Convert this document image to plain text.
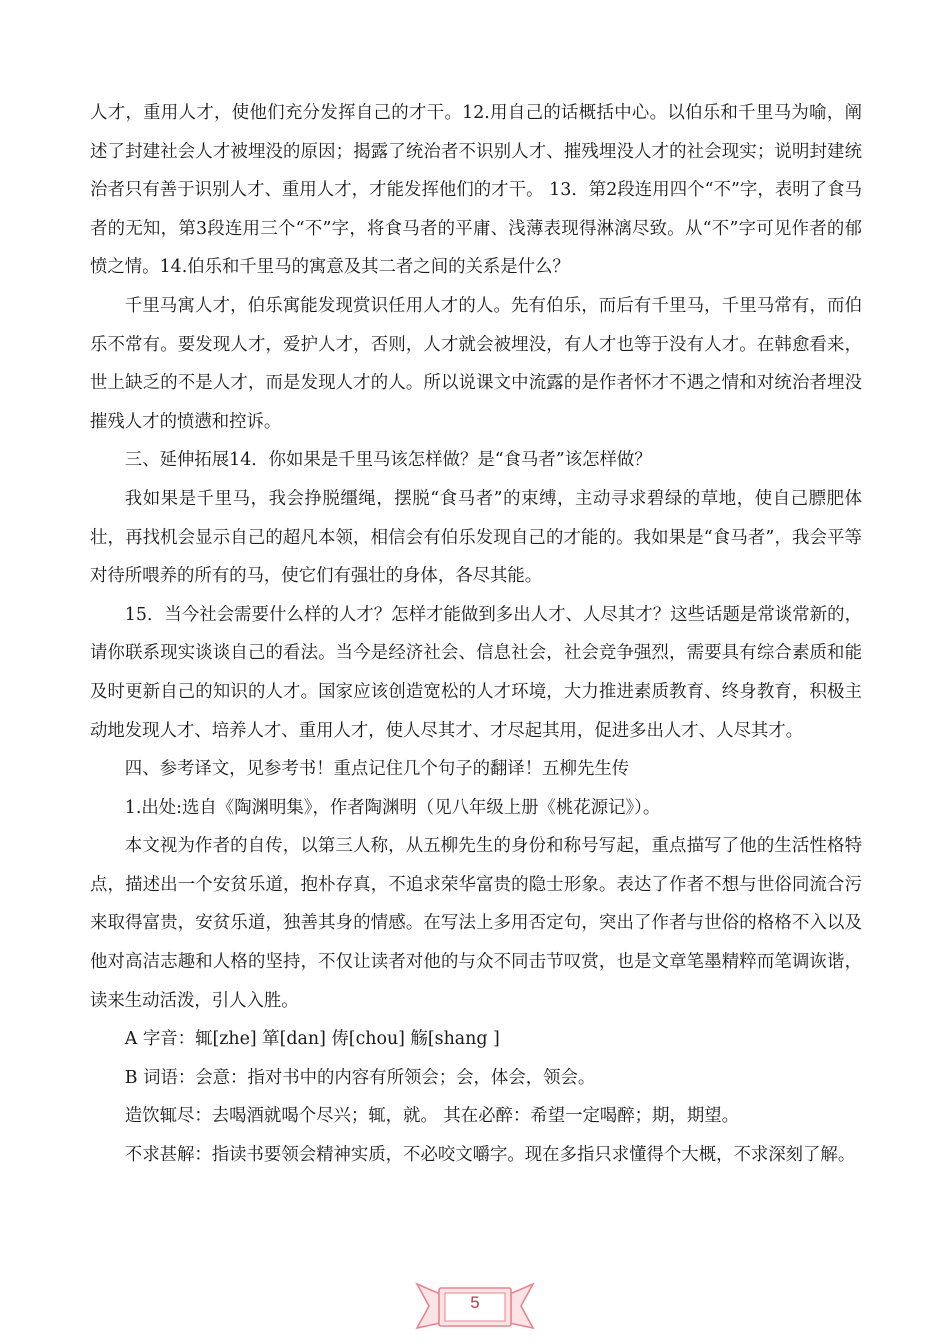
人才，重用人才，使他们充分发挥自己的才干。12.用自己的话概括中心。以伯乐和千里马为喻，阐述了封建社会人才被埋没的原因；揭露了统治者不识别人才、摧残埋没人才的社会现实；说明封建统治者只有善于识别人才、重用人才，才能发挥他们的才干。 13．第2段连用四个“不”字，表明了食马者的无知，第3段连用三个“不”字，将食马者的平庸、浅薄表现得淋漓尽致。从“不”字可见作者的郁愤之情。14.伯乐和千里马的寓意及其二者之间的关系是什么？

千里马寓人才，伯乐寓能发现赏识任用人才的人。先有伯乐，而后有千里马，千里马常有，而伯乐不常有。要发现人才，爱护人才，否则，人才就会被埋没，有人才也等于没有人才。在韩愈看来，世上缺乏的不是人才，而是发现人才的人。所以说课文中流露的是作者怀才不遇之情和对统治者埋没摧残人才的愤懑和控诉。

三、延伸拓展14．你如果是千里马该怎样做？是“食马者”该怎样做？

我如果是千里马，我会挣脱缰绳，摆脱“食马者”的束缚，主动寻求碧绿的草地，使自己膘肥体壮，再找机会显示自己的超凡本领，相信会有伯乐发现自己的才能的。我如果是“食马者”，我会平等对待所喂养的所有的马，使它们有强壮的身体，各尽其能。

15．当今社会需要什么样的人才？怎样才能做到多出人才、人尽其才？这些话题是常谈常新的，请你联系现实谈谈自己的看法。当今是经济社会、信息社会，社会竞争强烈，需要具有综合素质和能及时更新自己的知识的人才。国家应该创造宽松的人才环境，大力推进素质教育、终身教育，积极主动地发现人才、培养人才、重用人才，使人尽其才、才尽起其用，促进多出人才、人尽其才。

四、参考译文，见参考书！重点记住几个句子的翻译！五柳先生传

1.出处:选自《陶渊明集》，作者陶渊明（见八年级上册《桃花源记》）。

本文视为作者的自传，以第三人称，从五柳先生的身份和称号写起，重点描写了他的生活性格特点，描述出一个安贫乐道，抱朴存真，不追求荣华富贵的隐士形象。表达了作者不想与世俗同流合污来取得富贵，安贫乐道，独善其身的情感。在写法上多用否定句，突出了作者与世俗的格格不入以及他对高洁志趣和人格的坚持，不仅让读者对他的与众不同击节叹赏，也是文章笔墨精粹而笔调诙谐，读来生动活泼，引人入胜。

A 字音：辄[zhe] 箪[dan] 俦[chou] 觞[shang ]

B 词语：会意：指对书中的内容有所领会；会，体会，领会。

造饮辄尽：去喝酒就喝个尽兴；辄，就。 其在必醉：希望一定喝醉；期，期望。

不求甚解：指读书要领会精神实质，不必咬文嚼字。现在多指只求懂得个大概，不求深刻了解。

5
